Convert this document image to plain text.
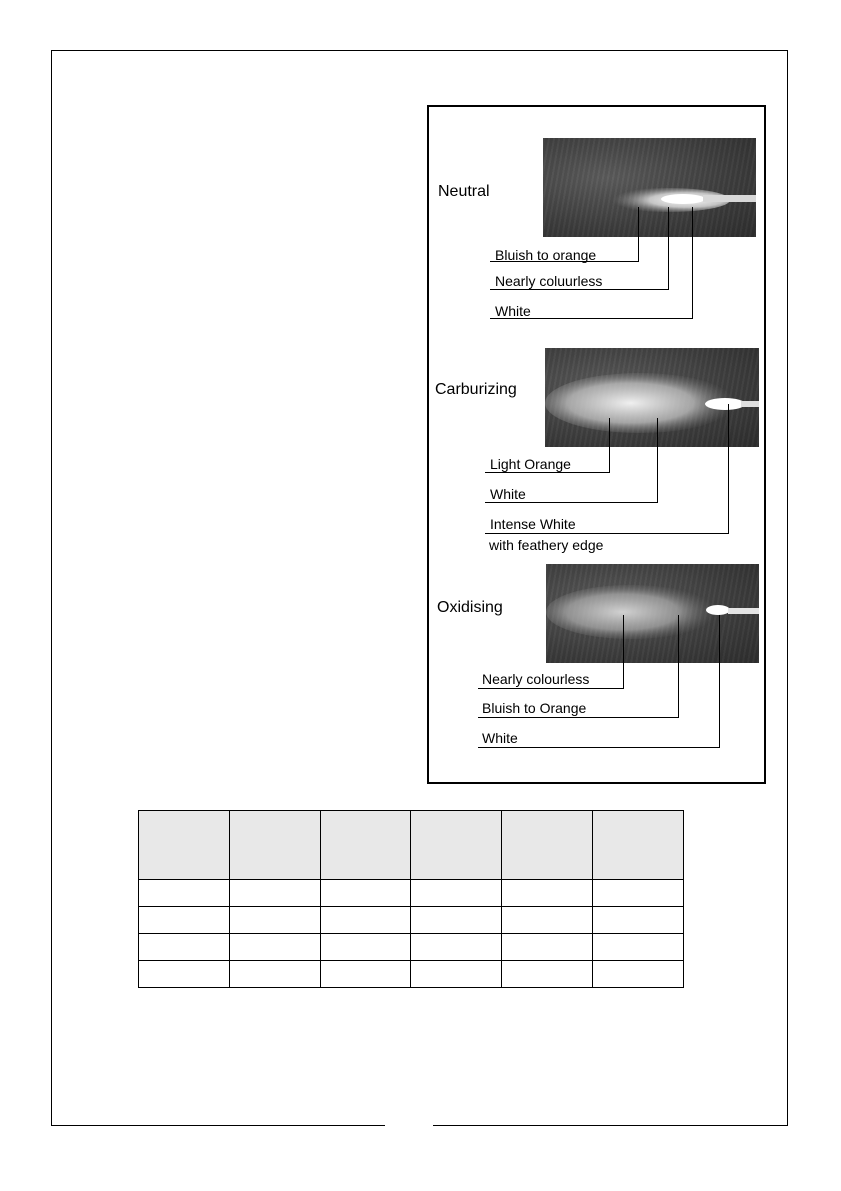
Neutral
Bluish to orange
Nearly coluurless
White
Carburizing
Light Orange
White
Intense White
with feathery edge
Oxidising
Nearly colourless
Bluish to Orange
White
